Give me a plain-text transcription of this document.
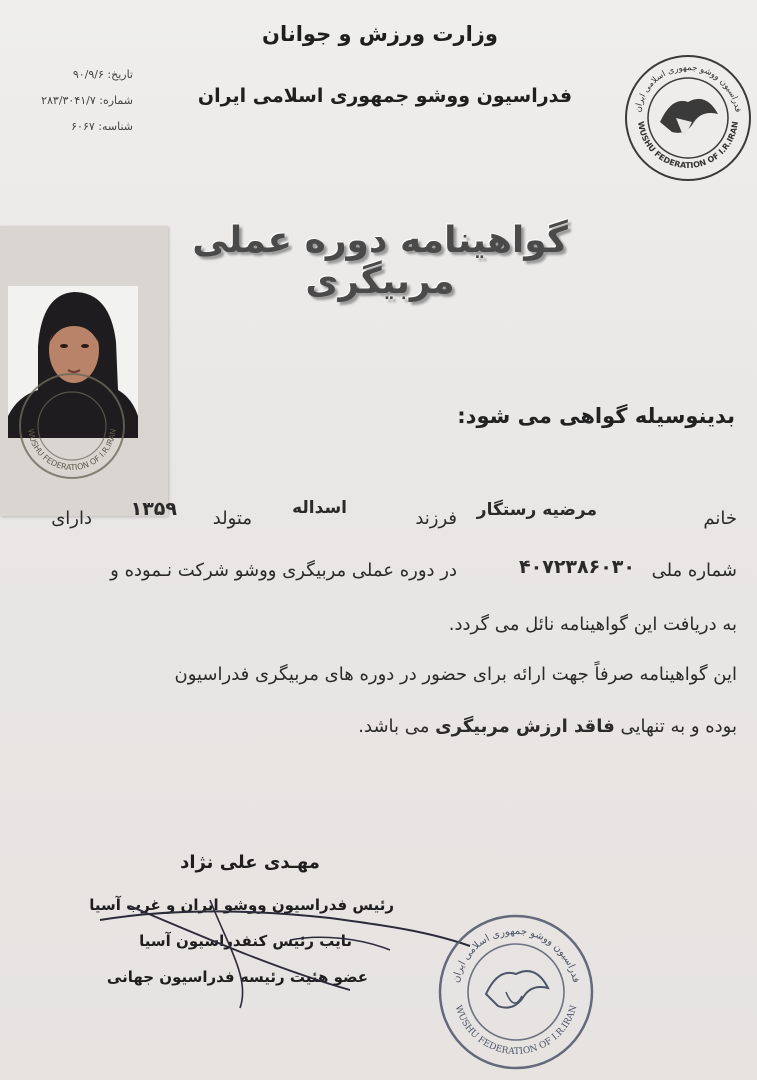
وزارت ورزش و جوانان
فدراسیون ووشو جمهوری اسلامی ایران
تاریخ: ۹۰/۹/۶
شماره: ۲۸۳/۳۰۴۱/۷
شناسه: ۶۰۶۷
فدراسیون ووشو جمهوری اسلامی ایران
WUSHU FEDERATION OF I.R.IRAN
گواهینامه دوره عملی مربیگری
WUSHU FEDERATION OF I.R.IRAN
بدینوسیله گواهی می شود:
خانم
مرضیه رستگار
فرزند
اسداله
متولد
۱۳۵۹
دارای
شماره ملی
۴۰۷۲۳۸۶۰۳۰
در دوره عملی مربیگری ووشو شرکت نـموده و
به دریافت این گواهینامه نائل می گردد.
این گواهینامه صرفاً جهت ارائه برای حضور در دوره های مربیگری فدراسیون
بوده و به تنهایی فاقد ارزش مربیگری می باشد.
مهـدی علی نژاد
رئیس فدراسیون ووشو ایران و غرب آسیا
نایب رئیس کنفدراسیون آسیا
عضو هئیت رئیسه فدراسیون جهانی	فدراسیون ووشو جمهوری اسلامی ایران
WUSHU FEDERATION OF I.R.IRAN
